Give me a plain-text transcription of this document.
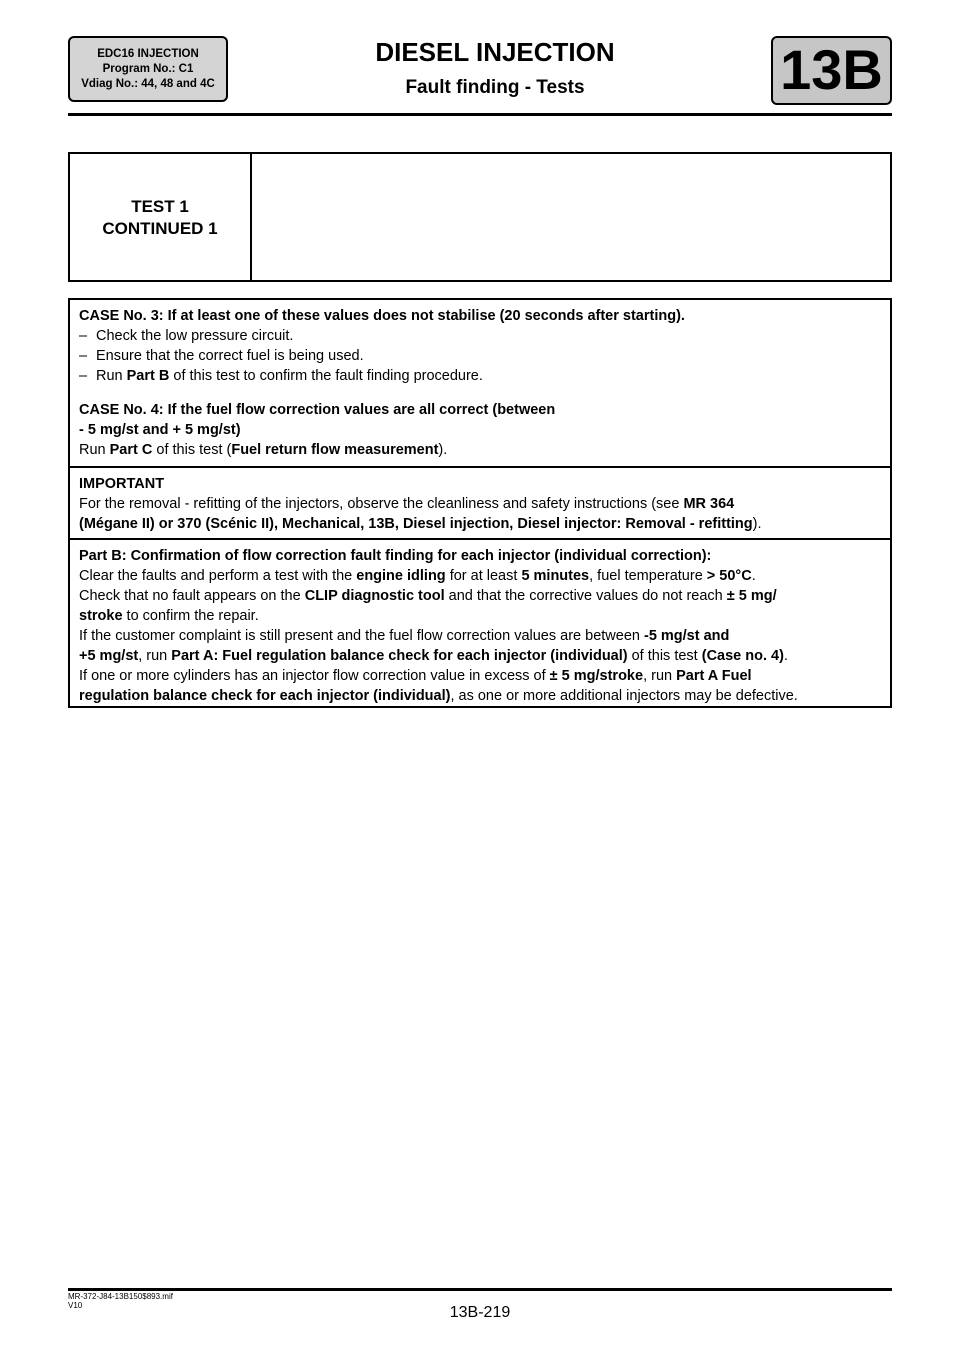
EDC16 INJECTION
Program No.: C1
Vdiag No.: 44, 48 and 4C
DIESEL INJECTION
Fault finding - Tests	13B
TEST 1
CONTINUED 1

CASE No. 3: If at least one of these values does not stabilise (20 seconds after starting).

– Check the low pressure circuit.

– Ensure that the correct fuel is being used.

– Run Part B of this test to confirm the fault finding procedure.

CASE No. 4: If the fuel flow correction values are all correct (between
- 5 mg/st and + 5 mg/st)

Run Part C of this test (Fuel return flow measurement).

IMPORTANT

For the removal - refitting of the injectors, observe the cleanliness and safety instructions (see MR 364
(Mégane II) or 370 (Scénic II), Mechanical, 13B, Diesel injection, Diesel injector: Removal - refitting).

Part B: Confirmation of flow correction fault finding for each injector (individual correction):

Clear the faults and perform a test with the engine idling for at least 5 minutes, fuel temperature > 50°C.

Check that no fault appears on the CLIP diagnostic tool and that the corrective values do not reach ± 5 mg/
stroke to confirm the repair.

If the customer complaint is still present and the fuel flow correction values are between -5 mg/st and
+5 mg/st, run Part A: Fuel regulation balance check for each injector (individual) of this test (Case no. 4).

If one or more cylinders has an injector flow correction value in excess of ± 5 mg/stroke, run Part A Fuel
regulation balance check for each injector (individual), as one or more additional injectors may be defective.

MR-372-J84-13B150$893.mif
V10	13B-219
